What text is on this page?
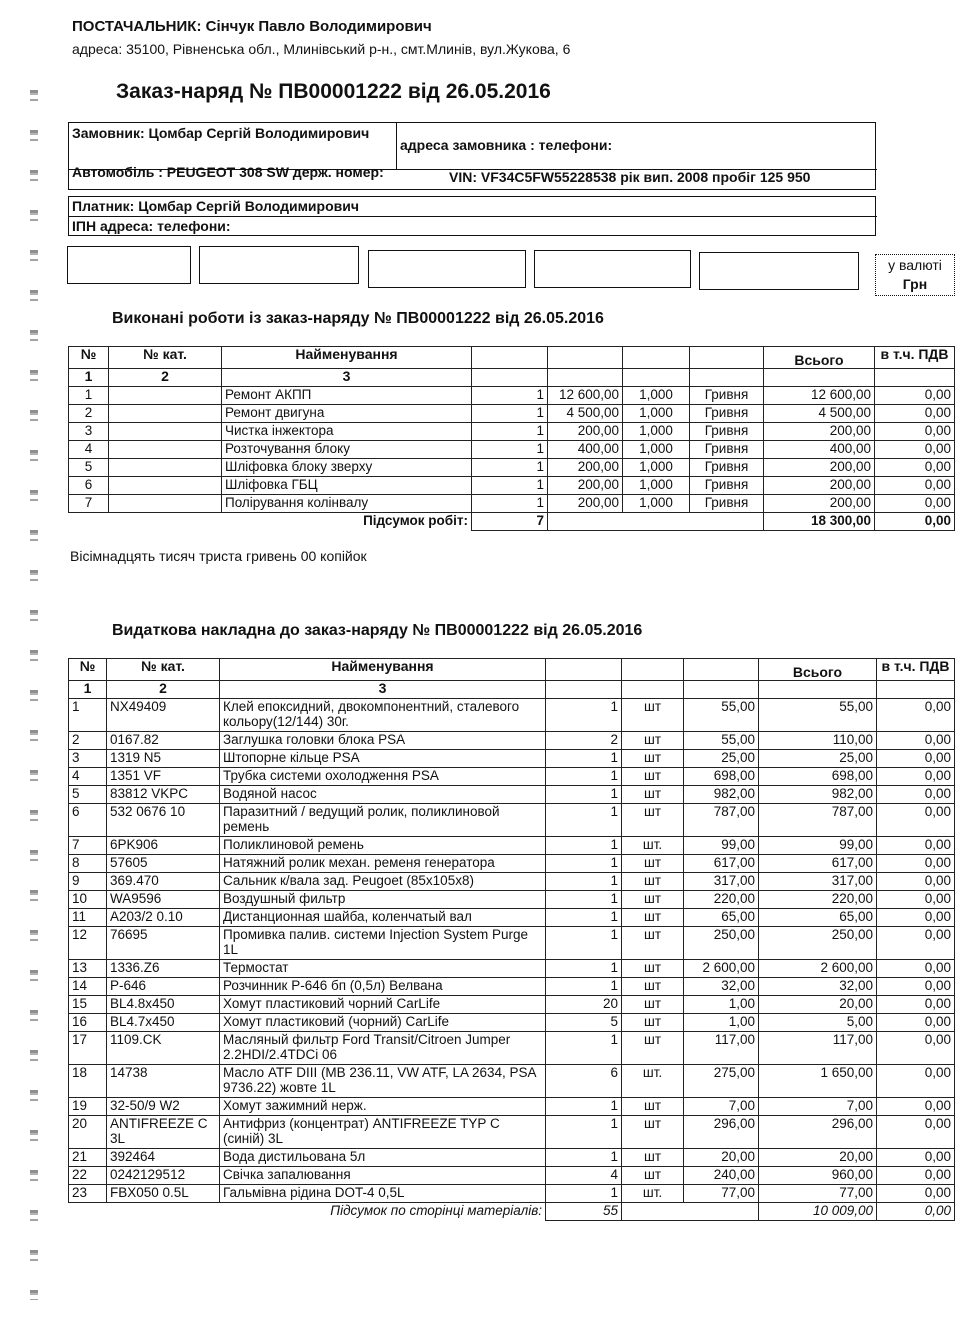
ПОСТАЧАЛЬНИК: Сінчук Павло Володимирович
адреса: 35100, Рівненська обл., Млинівський р-н., смт.Млинів, вул.Жукова, 6
Заказ-наряд № ПВ00001222 від 26.05.2016
Замовник: Цомбар Сергій Володимирович
адреса замовника : телефони:
Автомобіль : PEUGEOT 308 SW держ. номер:	VIN: VF34C5FW55228538 рік вип. 2008 пробіг 125 950
Платник: Цомбар Сергій Володимирович
ІПН адреса: телефони:
у валюті
Грн
Виконані роботи із заказ-наряду № ПВ00001222 від 26.05.2016
№	№ кат.	Найменування					Всього	в т.ч. ПДВ
1	2	3						
1		Ремонт АКПП	1	12 600,00	1,000	Гривня	12 600,00	0,00
2		Ремонт двигуна	1	4 500,00	1,000	Гривня	4 500,00	0,00
3		Чистка інжектора	1	200,00	1,000	Гривня	200,00	0,00
4		Розточування блоку	1	400,00	1,000	Гривня	400,00	0,00
5		Шліфовка блоку зверху	1	200,00	1,000	Гривня	200,00	0,00
6		Шліфовка ГБЦ	1	200,00	1,000	Гривня	200,00	0,00
7		Полірування колінвалу	1	200,00	1,000	Гривня	200,00	0,00
		Підсумок робіт:	7				18 300,00	0,00
Вісімнадцять тисяч триста гривень 00 копійок
Видаткова накладна до заказ-наряду № ПВ00001222 від 26.05.2016
№	№ кат.	Найменування				Всього	в т.ч. ПДВ
1	2	3					
1	NX49409	Клей епоксидний, двокомпонентний, сталевого кольору(12/144) 30г.	1	шт	55,00	55,00	0,00
2	0167.82	Заглушка головки блока PSA	2	шт	55,00	110,00	0,00
3	1319 N5	Штопорне кільце PSA	1	шт	25,00	25,00	0,00
4	1351 VF	Трубка системи охолодження PSA	1	шт	698,00	698,00	0,00
5	83812 VKPC	Водяной насос	1	шт	982,00	982,00	0,00
6	532 0676 10	Паразитний / ведущий ролик, поликлиновой ремень	1	шт	787,00	787,00	0,00
7	6PK906	Поликлиновой ремень	1	шт.	99,00	99,00	0,00
8	57605	Натяжний ролик механ. ременя генератора	1	шт	617,00	617,00	0,00
9	369.470	Сальник к/вала зад. Peugoet (85x105x8)	1	шт	317,00	317,00	0,00
10	WA9596	Воздушный фильтр	1	шт	220,00	220,00	0,00
11	A203/2 0.10	Дистанционная шайба, коленчатый вал	1	шт	65,00	65,00	0,00
12	76695	Промивка палив. системи Injection System Purge 1L	1	шт	250,00	250,00	0,00
13	1336.Z6	Термостат	1	шт	2 600,00	2 600,00	0,00
14	P-646	Розчинник Р-646 бп (0,5л) Велвана	1	шт	32,00	32,00	0,00
15	BL4.8x450	Хомут пластиковий чорний CarLife	20	шт	1,00	20,00	0,00
16	BL4.7x450	Хомут пластиковий (чорний) CarLife	5	шт	1,00	5,00	0,00
17	1109.CK	Масляный фильтр Ford Transit/Citroen Jumper 2.2HDI/2.4TDCi 06	1	шт	117,00	117,00	0,00
18	14738	Масло ATF DIII (MB 236.11, VW ATF, LA 2634, PSA 9736.22) жовте 1L	6	шт.	275,00	1 650,00	0,00
19	32-50/9 W2	Хомут зажимний нерж.	1	шт	7,00	7,00	0,00
20	ANTIFREEZE C 3L	Антифриз (концентрат) ANTIFREEZE TYP C (синій) 3L	1	шт	296,00	296,00	0,00
21	392464	Вода дистильована 5л	1	шт	20,00	20,00	0,00
22	0242129512	Свічка запалювання	4	шт	240,00	960,00	0,00
23	FBX050 0.5L	Гальмівна рідина DOT-4 0,5L	1	шт.	77,00	77,00	0,00
		Підсумок по сторінці матеріалів:	55			10 009,00	0,00
